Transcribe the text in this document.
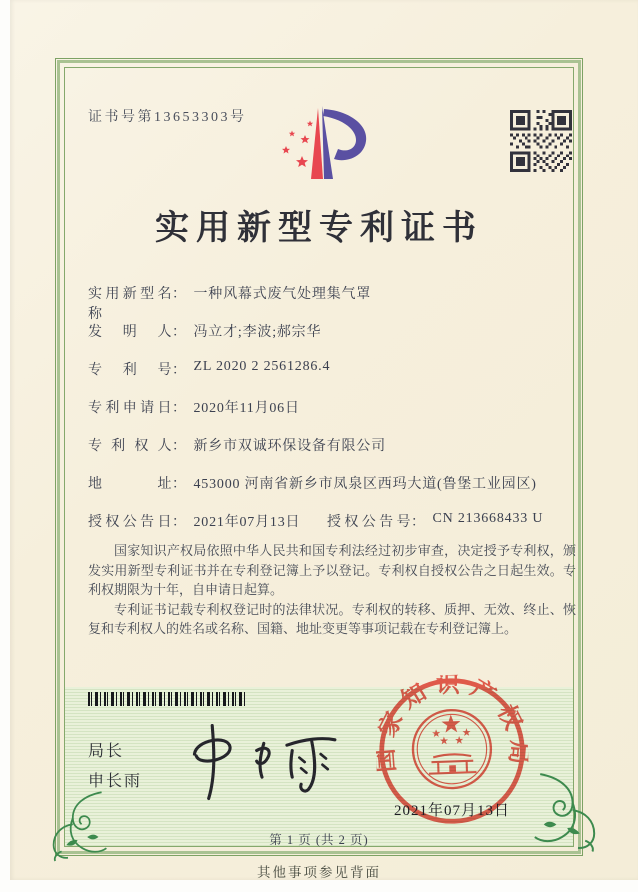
证书号第13653303号
实用新型专利证书
实用新型名称： 一种风幕式废气处理集气罩
发明人： 冯立才;李波;郝宗华
专利号： ZL 2020 2 2561286.4
专利申请日： 2020年11月06日
专利权人： 新乡市双诚环保设备有限公司
地址： 453000 河南省新乡市凤泉区西玛大道(鲁堡工业园区)
授权公告日： 2021年07月13日 授权公告号： CN 213668433 U

国家知识产权局依照中华人民共和国专利法经过初步审查，决定授予专利权，颁发实用新型专利证书并在专利登记簿上予以登记。专利权自授权公告之日起生效。专利权期限为十年，自申请日起算。

专利证书记载专利权登记时的法律状况。专利权的转移、质押、无效、终止、恢复和专利权人的姓名或名称、国籍、地址变更等事项记载在专利登记簿上。

局长
申长雨
国家知识产权局
2021年07月13日
第 1 页 (共 2 页)
其他事项参见背面
